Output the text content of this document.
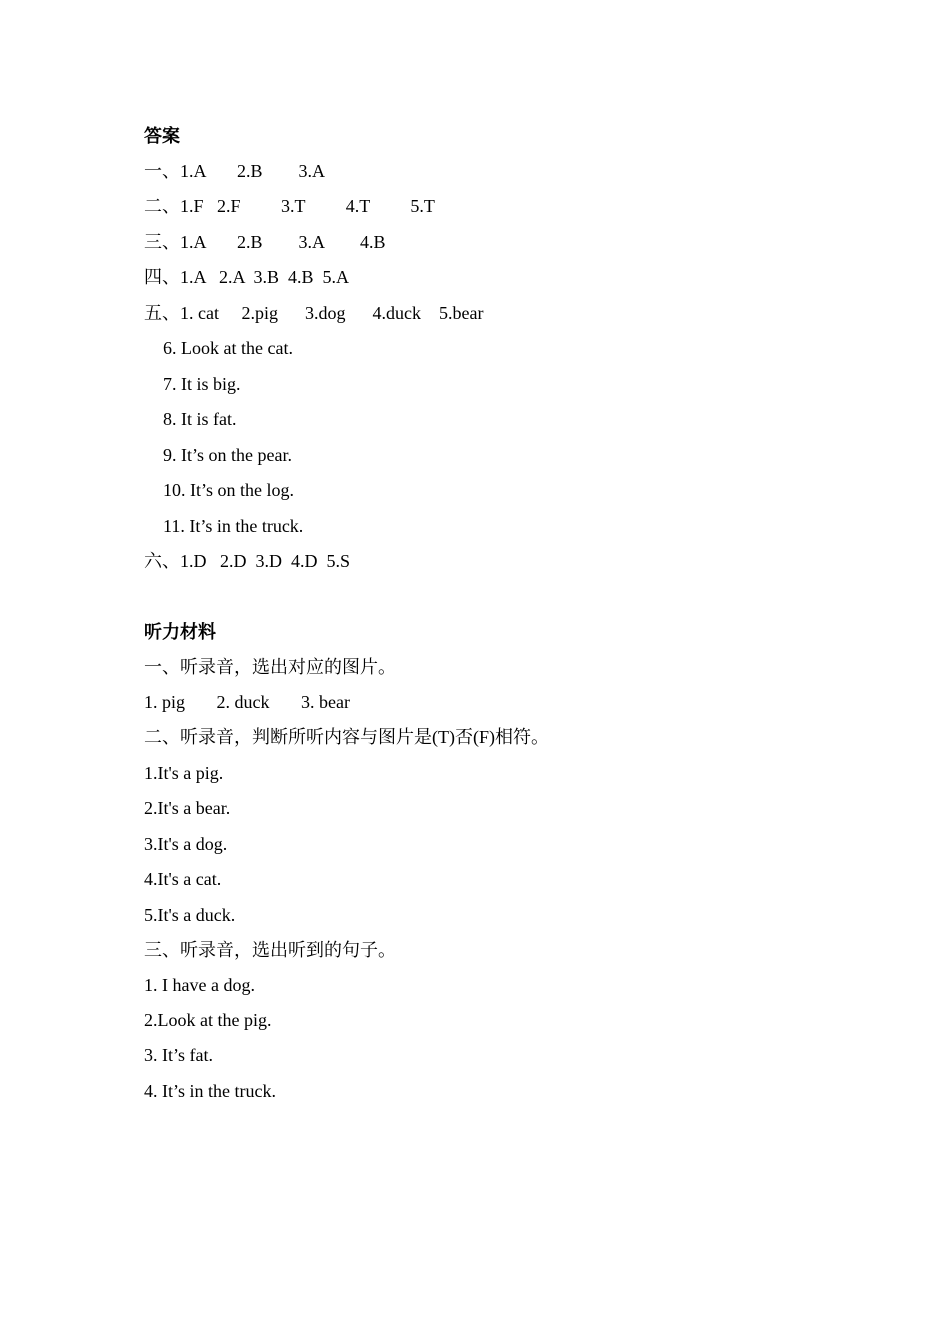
答案
一、1.A       2.B        3.A
二、1.F   2.F         3.T         4.T         5.T
三、1.A       2.B        3.A        4.B
四、1.A   2.A  3.B  4.B  5.A
五、1. cat     2.pig      3.dog      4.duck    5.bear
6. Look at the cat.
7. It is big.
8. It is fat.
9. It’s on the pear.
10. It’s on the log.
11. It’s in the truck.
六、1.D   2.D  3.D  4.D  5.S
听力材料
一、听录音，选出对应的图片。
1. pig       2. duck       3. bear
二、听录音，判断所听内容与图片是(T)否(F)相符。
1.It's a pig.
2.It's a bear.
3.It's a dog.
4.It's a cat.
5.It's a duck.
三、听录音，选出听到的句子。
1. I have a dog.
2.Look at the pig.
3. It’s fat.
4. It’s in the truck.
